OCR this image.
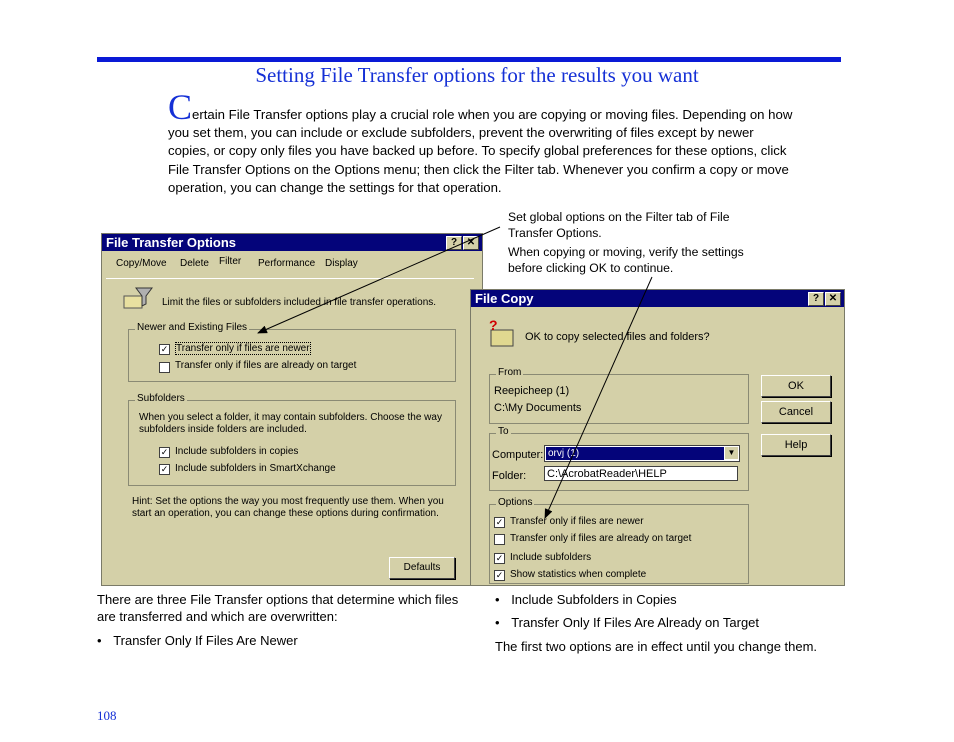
Setting File Transfer options for the results you want
Certain File Transfer options play a crucial role when you are copying or moving files. Depending on how you set them, you can include or exclude subfolders, prevent the overwriting of files except by newer copies, or copy only files you have backed up before. To specify global preferences for these options, click File Transfer Options on the Options menu; then click the Filter tab. Whenever you confirm a copy or move operation, you can change the settings for that operation.
Set global options on the Filter tab of File Transfer Options.
When copying or moving, verify the settings before clicking OK to continue.
File Transfer Options	? ✕
Copy/Move Delete Filter Performance Display
Limit the files or subfolders included in file transfer operations.
Newer and Existing Files
✓ Transfer only if files are newer
Transfer only if files are already on target
Subfolders
When you select a folder, it may contain subfolders. Choose the way subfolders inside folders are included.
✓ Include subfolders in copies
✓ Include subfolders in SmartXchange
Hint: Set the options the way you most frequently use them. When you start an operation, you can change these options during confirmation.
Defaults
File Copy	? ✕
?
OK to copy selected files and folders?
From
Reepicheep (1)
C:\My Documents
To
Computer: orvj (1)	▼
Folder: C:\AcrobatReader\HELP
OK
Cancel
Help
Options
✓ Transfer only if files are newer
Transfer only if files are already on target
✓ Include subfolders
✓ Show statistics when complete
There are three File Transfer options that determine which files are transferred and which are overwritten:
• Transfer Only If Files Are Newer
• Include Subfolders in Copies
• Transfer Only If Files Are Already on Target
The first two options are in effect until you change them.
108
